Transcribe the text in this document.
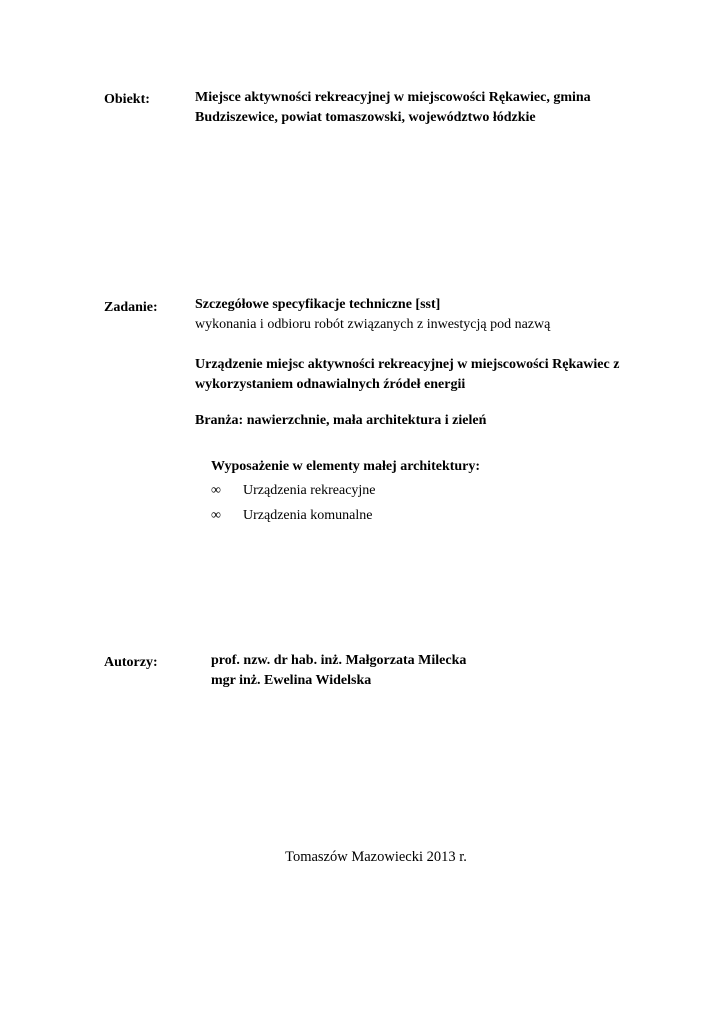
Obiekt:	Miejsce aktywności rekreacyjnej w miejscowości Rękawiec, gmina
Budziszewice, powiat tomaszowski, województwo łódzkie
Zadanie:	Szczegółowe specyfikacje techniczne [sst]
wykonania i odbioru robót związanych z inwestycją pod nazwą
Urządzenie miejsc aktywności rekreacyjnej w miejscowości Rękawiec z
wykorzystaniem odnawialnych źródeł energii
Branża: nawierzchnie, mała architektura i zieleń
Wyposażenie w elementy małej architektury:
∞	Urządzenia rekreacyjne
∞	Urządzenia komunalne
Autorzy:	prof. nzw. dr hab. inż. Małgorzata Milecka
mgr inż. Ewelina Widelska
Tomaszów Mazowiecki 2013 r.
